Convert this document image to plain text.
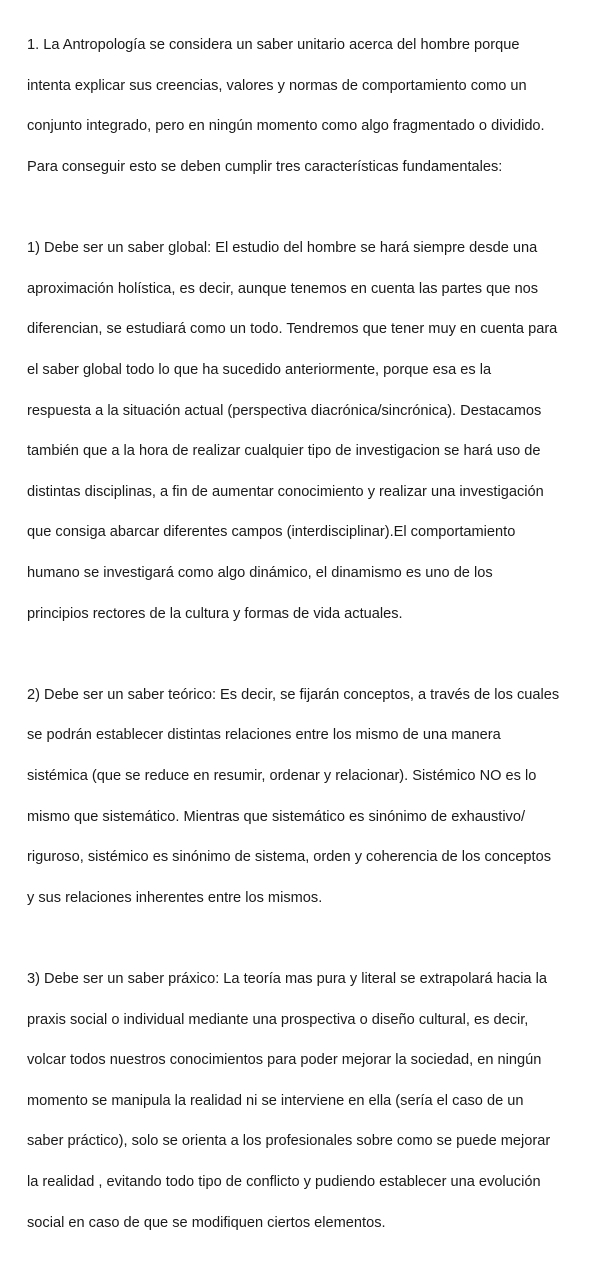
1. La Antropología se considera un saber unitario acerca del hombre porque

intenta explicar sus creencias, valores y normas de comportamiento como un

conjunto integrado, pero en ningún momento como algo fragmentado o dividido.

Para conseguir esto se deben cumplir tres características fundamentales:

1) Debe ser un saber global: El estudio del hombre se hará siempre desde una

aproximación holística, es decir, aunque tenemos en cuenta las partes que nos

diferencian, se estudiará como un todo. Tendremos que tener muy en cuenta para

el saber global todo lo que ha sucedido anteriormente, porque esa es la

respuesta a la situación actual (perspectiva diacrónica/sincrónica). Destacamos

también que a la hora de realizar cualquier tipo de investigacion se hará uso de

distintas disciplinas, a fin de aumentar conocimiento y realizar una investigación

que consiga abarcar diferentes campos (interdisciplinar).El comportamiento

humano se investigará como algo dinámico, el dinamismo es uno de los

principios rectores de la cultura y formas de vida actuales.

2) Debe ser un saber teórico: Es decir, se fijarán conceptos, a través de los cuales

se podrán establecer distintas relaciones entre los mismo de una manera

sistémica (que se reduce en resumir, ordenar y relacionar). Sistémico NO es lo

mismo que sistemático. Mientras que sistemático es sinónimo de exhaustivo/

riguroso, sistémico es sinónimo de sistema, orden y coherencia de los conceptos

y sus relaciones inherentes entre los mismos.

3) Debe ser un saber práxico: La teoría mas pura y literal se extrapolará hacia la

praxis social o individual mediante una prospectiva o diseño cultural, es decir,

volcar todos nuestros conocimientos para poder mejorar la sociedad, en ningún

momento se manipula la realidad ni se interviene en ella (sería el caso de un

saber práctico), solo se orienta a los profesionales sobre como se puede mejorar

la realidad , evitando todo tipo de conflicto y pudiendo establecer una evolución

social en caso de que se modifiquen ciertos elementos.
